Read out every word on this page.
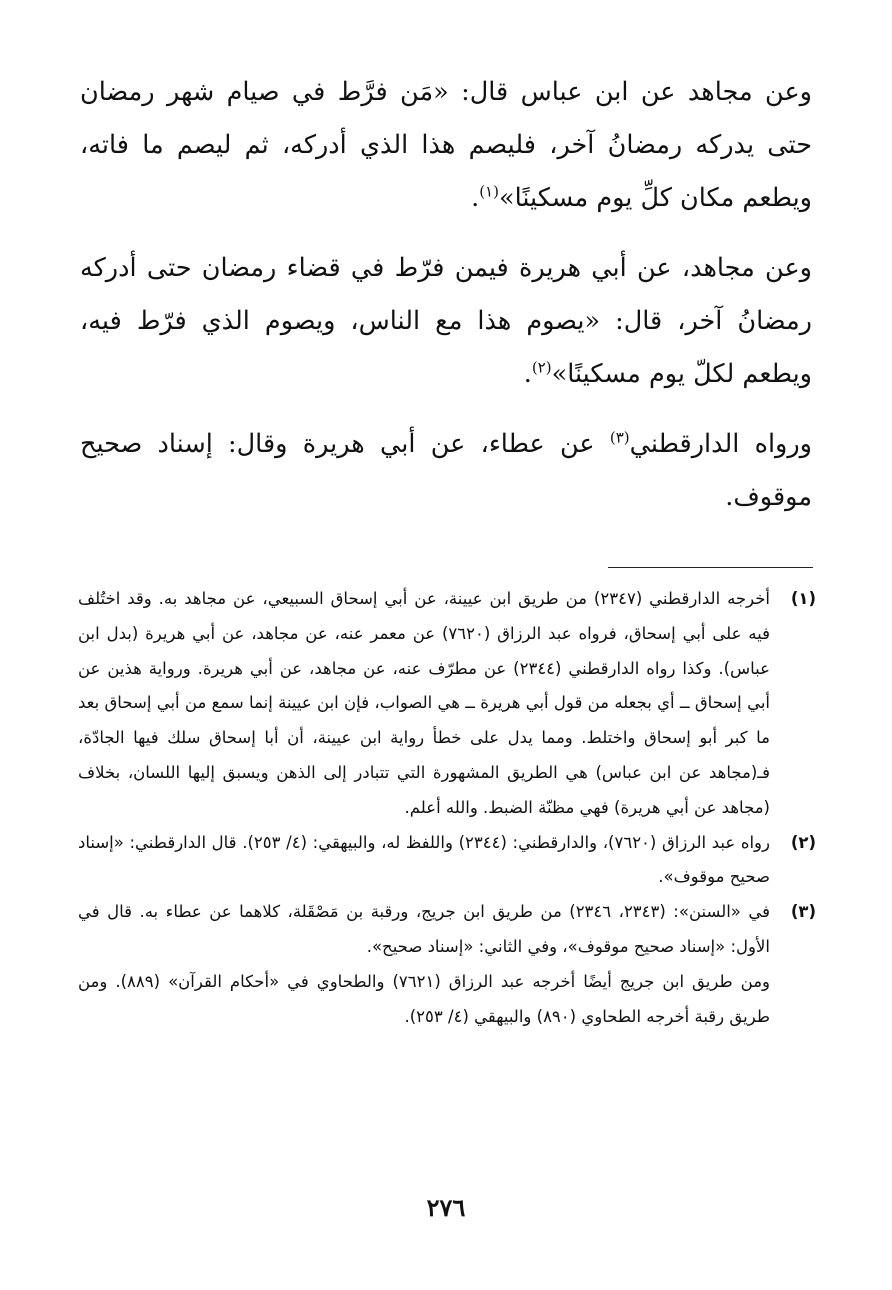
وعن مجاهد عن ابن عباس قال: «مَن فرَّط في صيام شهر رمضان حتى يدركه رمضانُ آخر، فليصم هذا الذي أدركه، ثم ليصم ما فاته، ويطعم مكان كلِّ يوم مسكينًا»$^{(١)}$.

وعن مجاهد، عن أبي هريرة فيمن فرّط في قضاء رمضان حتى أدركه رمضانُ آخر، قال: «يصوم هذا مع الناس، ويصوم الذي فرّط فيه، ويطعم لكلّ يوم مسكينًا»$^{(٢)}$.

ورواه الدارقطني$^{(٣)}$ عن عطاء، عن أبي هريرة وقال: إسناد صحيح موقوف.

(١)

أخرجه الدارقطني (٢٣٤٧) من طريق ابن عيينة، عن أبي إسحاق السبيعي، عن مجاهد به. وقد اختُلف فيه على أبي إسحاق، فرواه عبد الرزاق (٧٦٢٠) عن معمر عنه، عن مجاهد، عن أبي هريرة (بدل ابن عباس). وكذا رواه الدارقطني (٢٣٤٤) عن مطرّف عنه، عن مجاهد، عن أبي هريرة. ورواية هذين عن أبي إسحاق ــ أي بجعله من قول أبي هريرة ــ هي الصواب، فإن ابن عيينة إنما سمع من أبي إسحاق بعد ما كبر أبو إسحاق واختلط. ومما يدل على خطأ رواية ابن عيينة، أن أبا إسحاق سلك فيها الجادّة، فـ(مجاهد عن ابن عباس) هي الطريق المشهورة التي تتبادر إلى الذهن ويسبق إليها اللسان، بخلاف (مجاهد عن أبي هريرة) فهي مظنّة الضبط. والله أعلم.

(٢)

رواه عبد الرزاق (٧٦٢٠)، والدارقطني: (٢٣٤٤) واللفظ له، والبيهقي: (٤/ ٢٥٣). قال الدارقطني: «إسناد صحيح موقوف».

(٣)

في «السنن»: (٢٣٤٣، ٢٣٤٦) من طريق ابن جريج، ورقبة بن مَصْقَلة، كلاهما عن عطاء به. قال في الأول: «إسناد صحيح موقوف»، وفي الثاني: «إسناد صحيح».

ومن طريق ابن جريج أيضًا أخرجه عبد الرزاق (٧٦٢١) والطحاوي في «أحكام القرآن» (٨٨٩). ومن طريق رقبة أخرجه الطحاوي (٨٩٠) والبيهقي (٤/ ٢٥٣).

٢٧٦
